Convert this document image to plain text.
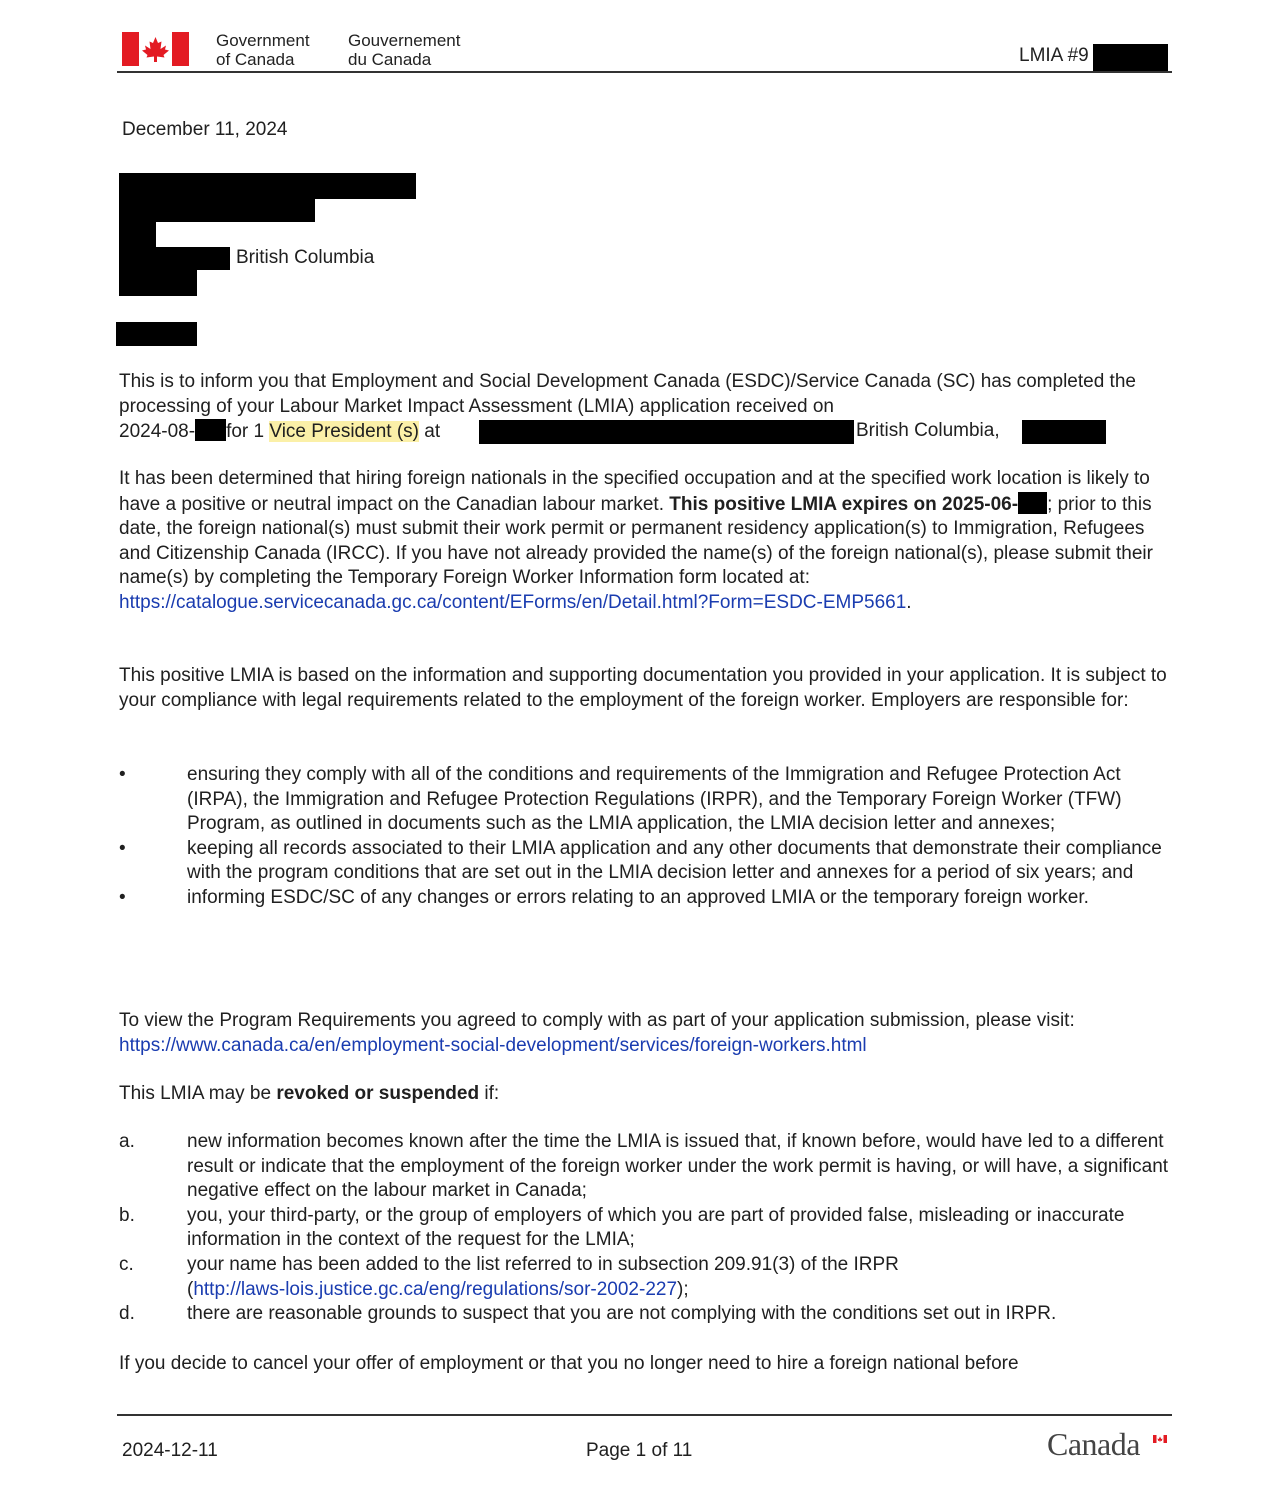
Government
of Canada
Gouvernement
du Canada	LMIA #9
December 11, 2024
British Columbia
This is to inform you that Employment and Social Development Canada (ESDC)/Service Canada (SC) has completed the processing of your Labour Market Impact Assessment (LMIA) application received on
2024-08- for 1 Vice President (s) at	British Columbia,
It has been determined that hiring foreign nationals in the specified occupation and at the specified work location is likely to have a positive or neutral impact on the Canadian labour market. This positive LMIA expires on 2025-06- ; prior to this date, the foreign national(s) must submit their work permit or permanent residency application(s) to Immigration, Refugees and Citizenship Canada (IRCC). If you have not already provided the name(s) of the foreign national(s), please submit their name(s) by completing the Temporary Foreign Worker Information form located at:
https://catalogue.servicecanada.gc.ca/content/EForms/en/Detail.html?Form=ESDC-EMP5661.
This positive LMIA is based on the information and supporting documentation you provided in your application. It is subject to your compliance with legal requirements related to the employment of the foreign worker. Employers are responsible for:
•	ensuring they comply with all of the conditions and requirements of the Immigration and Refugee Protection Act (IRPA), the Immigration and Refugee Protection Regulations (IRPR), and the Temporary Foreign Worker (TFW) Program, as outlined in documents such as the LMIA application, the LMIA decision letter and annexes;
•	keeping all records associated to their LMIA application and any other documents that demonstrate their compliance with the program conditions that are set out in the LMIA decision letter and annexes for a period of six years; and
•	informing ESDC/SC of any changes or errors relating to an approved LMIA or the temporary foreign worker.
To view the Program Requirements you agreed to comply with as part of your application submission, please visit: https://www.canada.ca/en/employment-social-development/services/foreign-workers.html
This LMIA may be revoked or suspended if:
a.	new information becomes known after the time the LMIA is issued that, if known before, would have led to a different result or indicate that the employment of the foreign worker under the work permit is having, or will have, a significant negative effect on the labour market in Canada;
b.	you, your third-party, or the group of employers of which you are part of provided false, misleading or inaccurate information in the context of the request for the LMIA;
c.	your name has been added to the list referred to in subsection 209.91(3) of the IRPR
(http://laws-lois.justice.gc.ca/eng/regulations/sor-2002-227);
d.	there are reasonable grounds to suspect that you are not complying with the conditions set out in IRPR.
If you decide to cancel your offer of employment or that you no longer need to hire a foreign national before
2024-12-11	Page 1 of 11	Canada
